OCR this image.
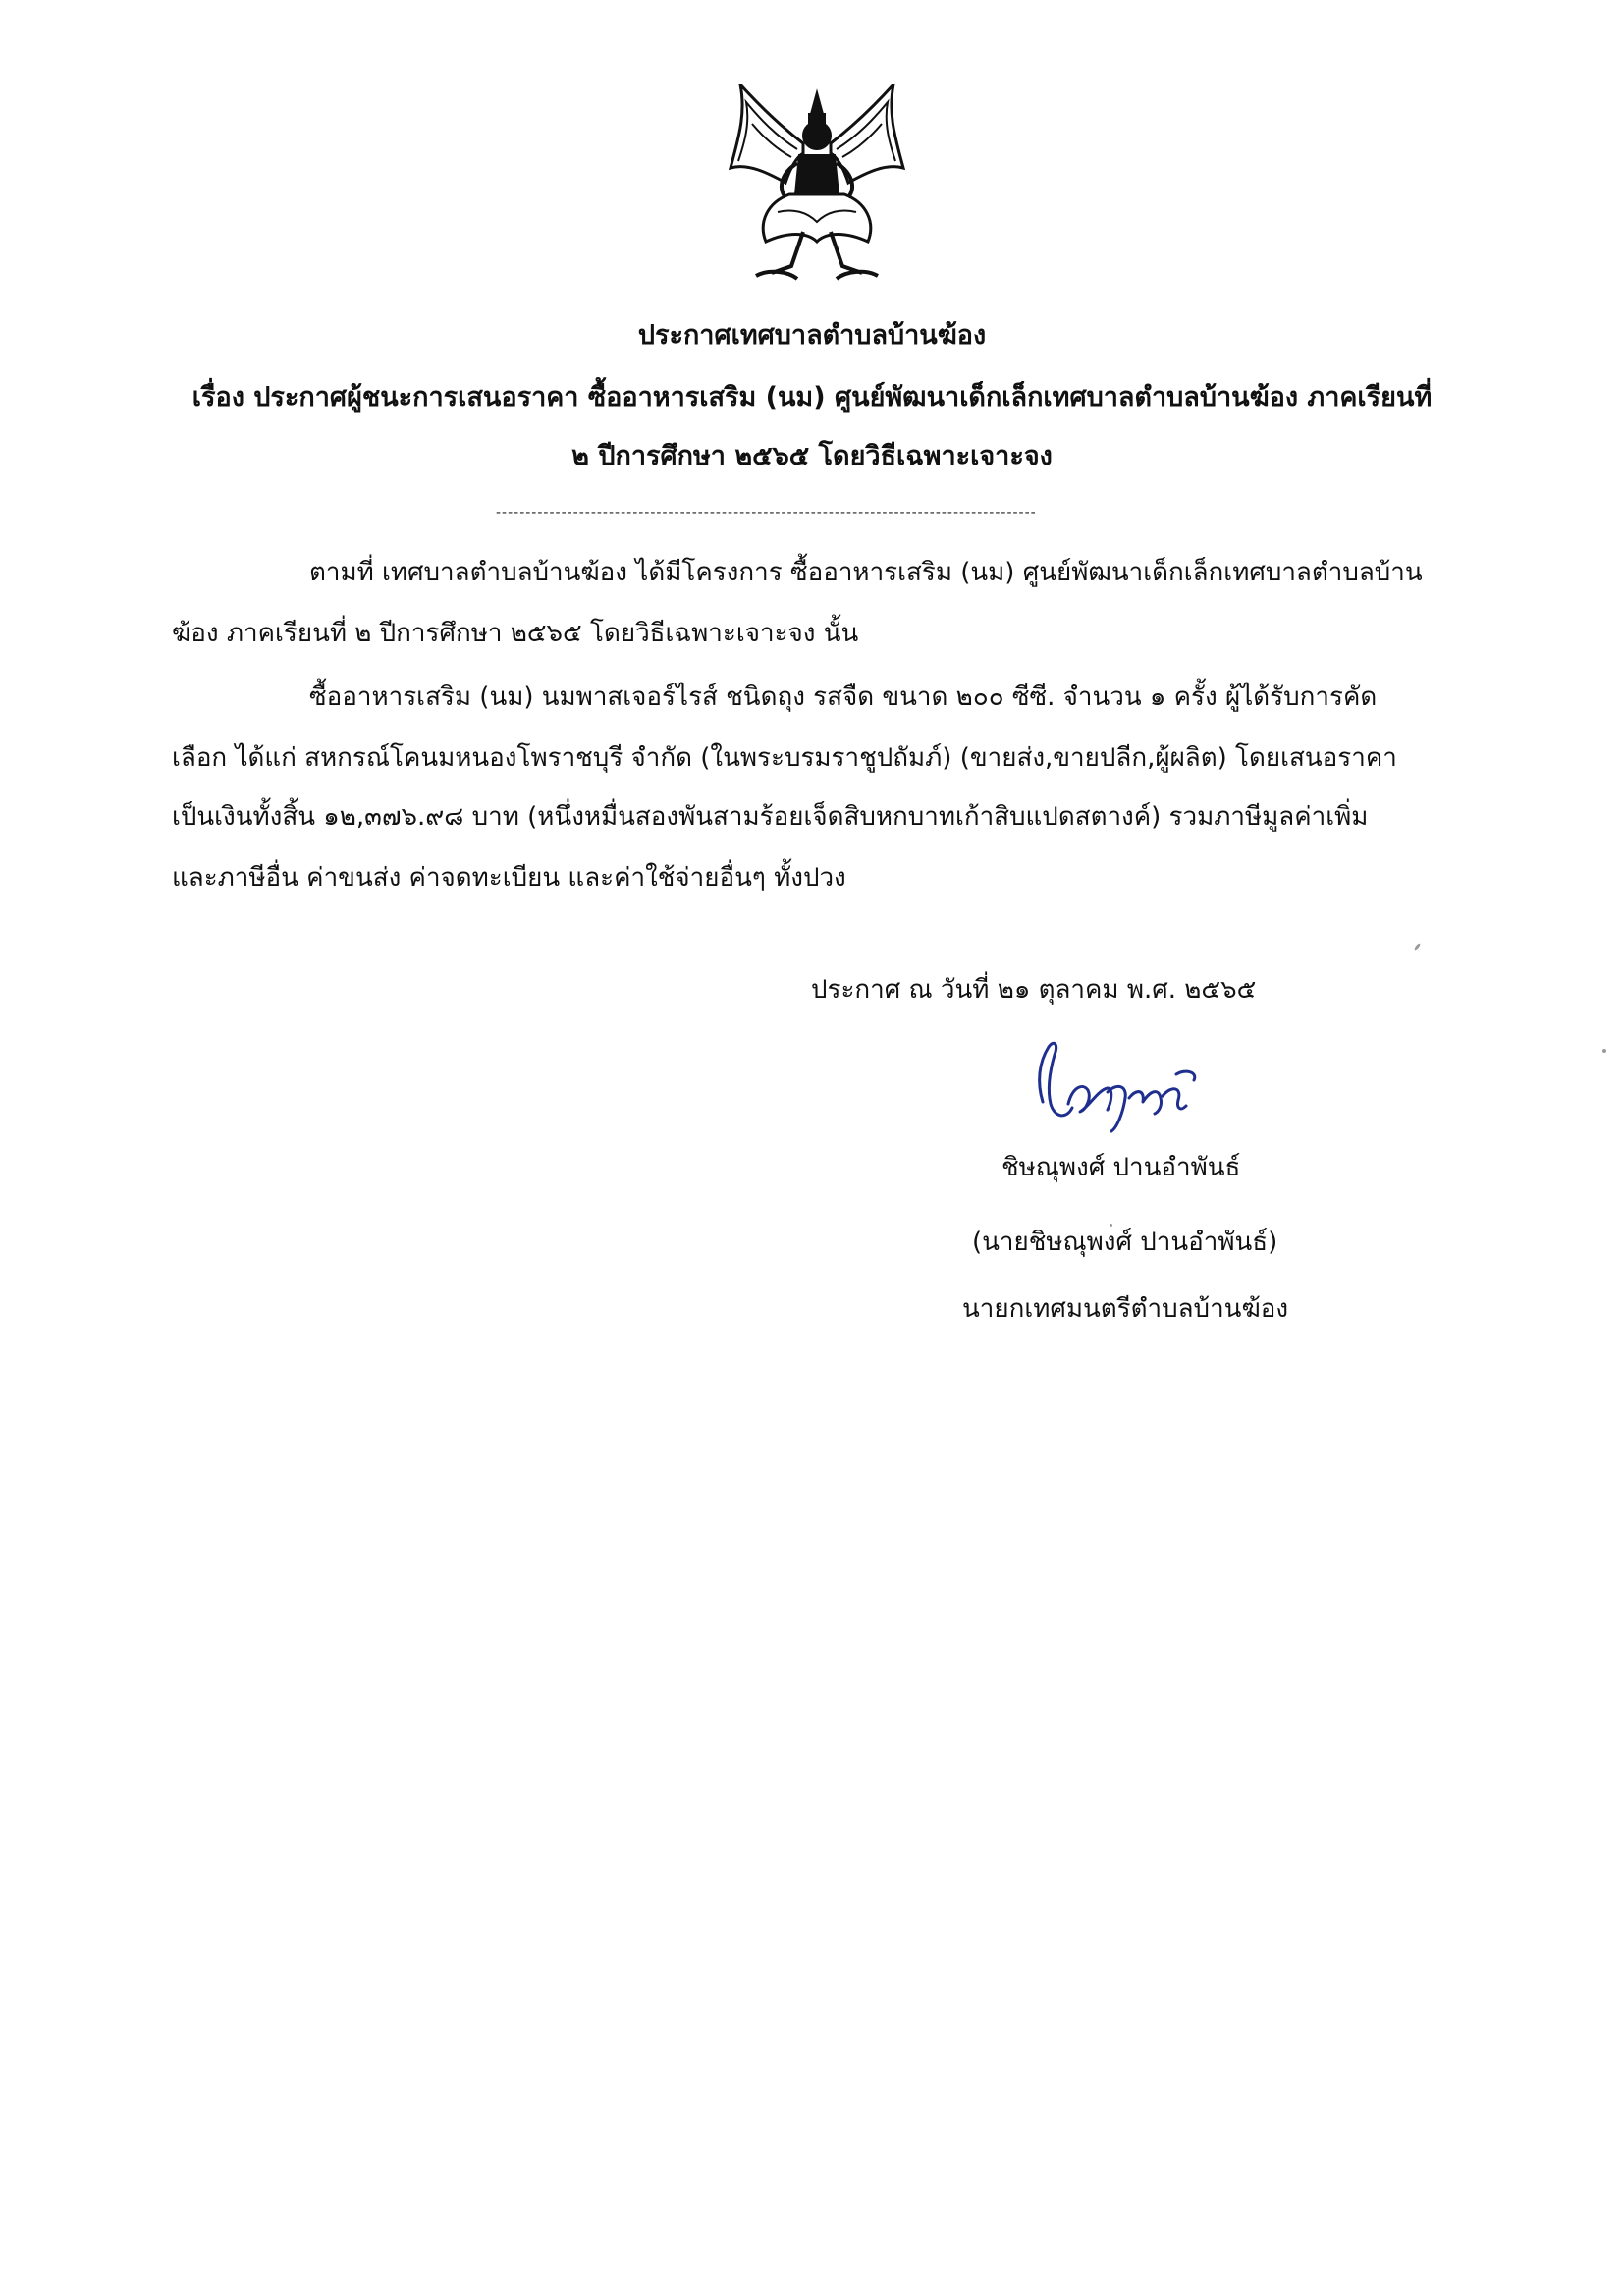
ประกาศเทศบาลตำบลบ้านฆ้อง
เรื่อง ประกาศผู้ชนะการเสนอราคา ซื้ออาหารเสริม (นม) ศูนย์พัฒนาเด็กเล็กเทศบาลตำบลบ้านฆ้อง ภาคเรียนที่
๒ ปีการศึกษา ๒๕๖๕ โดยวิธีเฉพาะเจาะจง
-------------------------------------------------------------------------------------------
ตามที่ เทศบาลตำบลบ้านฆ้อง ได้มีโครงการ ซื้ออาหารเสริม (นม) ศูนย์พัฒนาเด็กเล็กเทศบาลตำบลบ้าน
ฆ้อง ภาคเรียนที่ ๒ ปีการศึกษา ๒๕๖๕ โดยวิธีเฉพาะเจาะจง นั้น
ซื้ออาหารเสริม (นม) นมพาสเจอร์ไรส์ ชนิดถุง รสจืด ขนาด ๒๐๐ ซีซี. จำนวน ๑ ครั้ง ผู้ได้รับการคัด
เลือก ได้แก่ สหกรณ์โคนมหนองโพราชบุรี จำกัด (ในพระบรมราชูปถัมภ์) (ขายส่ง,ขายปลีก,ผู้ผลิต) โดยเสนอราคา
เป็นเงินทั้งสิ้น ๑๒,๓๗๖.๙๘ บาท (หนึ่งหมื่นสองพันสามร้อยเจ็ดสิบหกบาทเก้าสิบแปดสตางค์) รวมภาษีมูลค่าเพิ่ม
และภาษีอื่น ค่าขนส่ง ค่าจดทะเบียน และค่าใช้จ่ายอื่นๆ ทั้งปวง
ประกาศ ณ วันที่ ๒๑ ตุลาคม พ.ศ. ๒๕๖๕
ชิษณุพงศ์ ปานอำพันธ์
(นายชิษณุพงศ์ ปานอำพันธ์)
นายกเทศมนตรีตำบลบ้านฆ้อง
